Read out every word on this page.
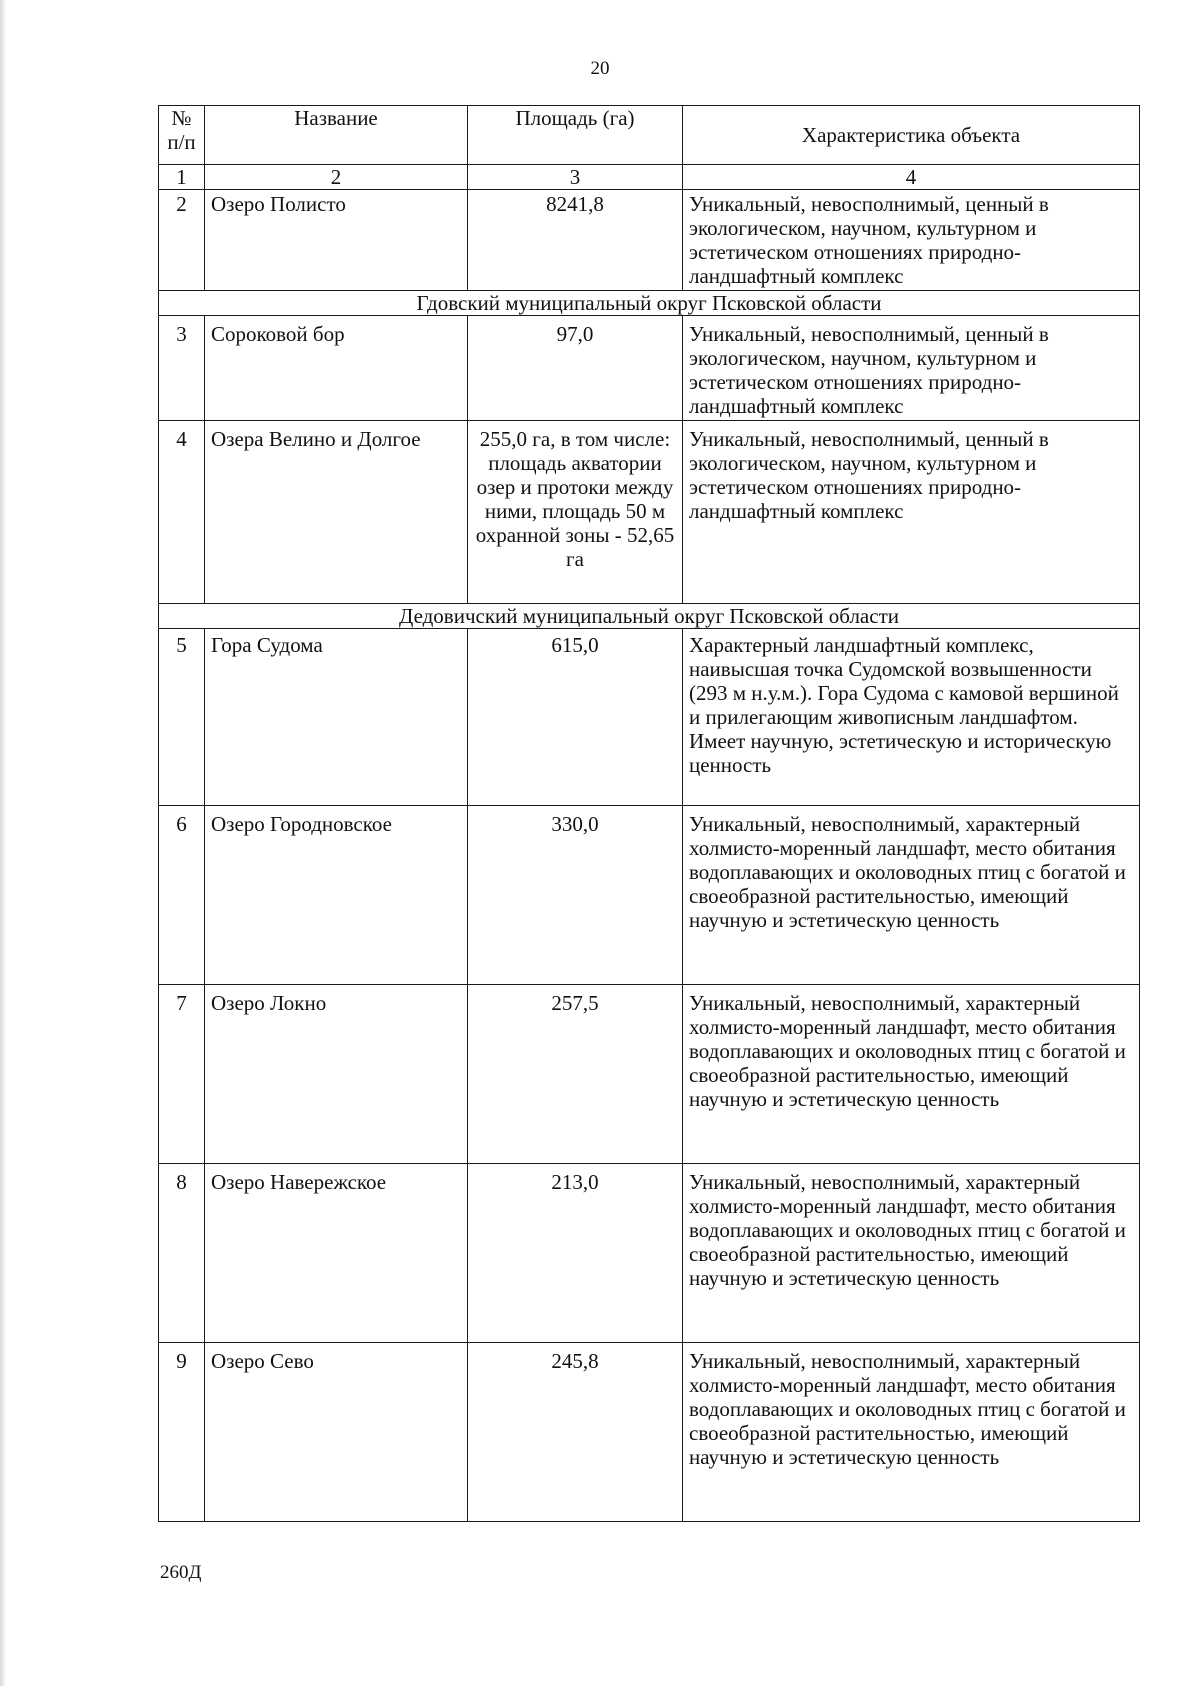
20
№
п/п	Название	Площадь (га)	Характеристика объекта
1	2	3	4
2	Озеро Полисто	8241,8	Уникальный, невосполнимый, ценный в экологическом, научном, культурном и эстетическом отношениях природно-ландшафтный комплекс
Гдовский муниципальный округ Псковской области			
3	Сороковой бор	97,0	Уникальный, невосполнимый, ценный в экологическом, научном, культурном и эстетическом отношениях природно-ландшафтный комплекс
4	Озера Велино и Долгое	255,0 га, в том числе: площадь акватории озер и протоки между ними, площадь 50 м охранной зоны - 52,65 га	Уникальный, невосполнимый, ценный в экологическом, научном, культурном и эстетическом отношениях природно-ландшафтный комплекс
Дедовичский муниципальный округ Псковской области			
5	Гора Судома	615,0	Характерный ландшафтный комплекс, наивысшая точка Судомской возвышенности (293 м н.у.м.). Гора Судома с камовой вершиной и прилегающим живописным ландшафтом. Имеет научную, эстетическую и историческую ценность
6	Озеро Городновское	330,0	Уникальный, невосполнимый, характерный холмисто-моренный ландшафт, место обитания водоплавающих и околоводных птиц с богатой и своеобразной растительностью, имеющий научную и эстетическую ценность
7	Озеро Локно	257,5	Уникальный, невосполнимый, характерный холмисто-моренный ландшафт, место обитания водоплавающих и околоводных птиц с богатой и своеобразной растительностью, имеющий научную и эстетическую ценность
8	Озеро Навережское	213,0	Уникальный, невосполнимый, характерный холмисто-моренный ландшафт, место обитания водоплавающих и околоводных птиц с богатой и своеобразной растительностью, имеющий научную и эстетическую ценность
9	Озеро Сево	245,8	Уникальный, невосполнимый, характерный холмисто-моренный ландшафт, место обитания водоплавающих и околоводных птиц с богатой и своеобразной растительностью, имеющий научную и эстетическую ценность
260Д
